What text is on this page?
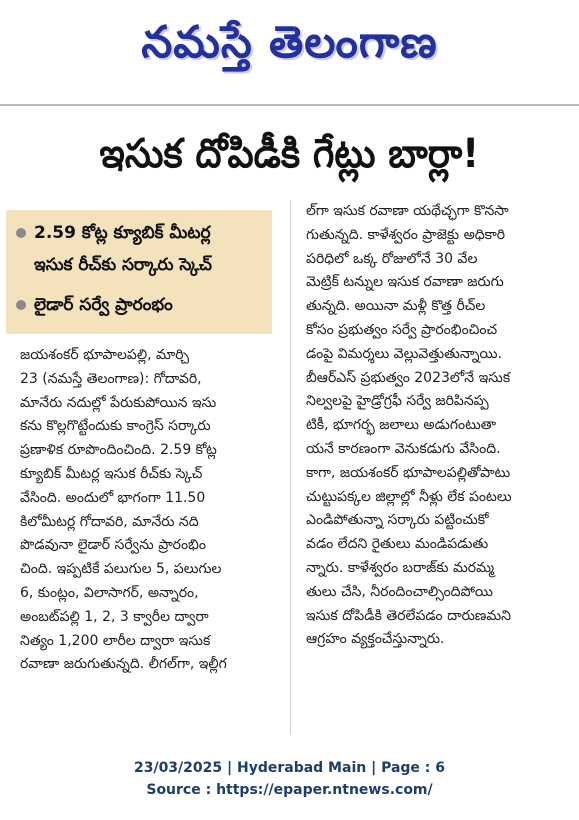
నమస్తే తెలంగాణ
ఇసుక దోపిడీకి గేట్లు బార్లా!
2.59 కోట్ల క్యూబిక్ మీటర్ల
ఇసుక రీచ్‌కు సర్కారు స్కెచ్
లైడార్ సర్వే ప్రారంభం
జయశంకర్ భూపాలపల్లి, మార్చి
23 (నమస్తే తెలంగాణ): గోదావరి,
మానేరు నదుల్లో పేరుకుపోయిన ఇసు
కను కొల్లగొట్టేందుకు కాంగ్రెస్ సర్కారు
ప్రణాళిక రూపొందించింది. 2.59 కోట్ల
క్యూబిక్ మీటర్ల ఇసుక రీచ్‌కు స్కెచ్
వేసింది. అందులో భాగంగా 11.50
కిలోమీటర్ల గోదావరి, మానేరు నది
పొడవునా లైడార్ సర్వేను ప్రారంభిం
చింది. ఇప్పటికే పలుగుల 5, పలుగుల
6, కుంట్లం, విలాసాగర్, అన్నారం,
అంబట్‌పల్లి 1, 2, 3 క్వారీల ద్వారా
నిత్యం 1,200 లారీల ద్వారా ఇసుక
రవాణా జరుగుతున్నది. లీగల్‌గా, ఇల్లీగ
ల్‌గా ఇసుక రవాణా యథేచ్ఛగా కొనసా
గుతున్నది. కాళేశ్వరం ప్రాజెక్టు అధికారి
పరిధిలో ఒక్క రోజులోనే 30 వేల
మెట్రిక్ టన్నుల ఇసుక రవాణా జరుగు
తున్నది. అయినా మళ్లీ కొత్త రీచ్‌ల
కోసం ప్రభుత్వం సర్వే ప్రారంభించించ
డంపై విమర్శలు వెల్లువెత్తుతున్నాయి.
బీఆర్‌ఎస్ ప్రభుత్వం 2023లోనే ఇసుక
నిల్వలపై హైడ్రోగ్రఫీ సర్వే జరిపినప్ప
టికీ, భూగర్భ జలాలు అడుగంటుతా
యనే కారణంగా వెనుకడుగు వేసింది.
కాగా, జయశంకర్ భూపాలపల్లితోపాటు
చుట్టుపక్కల జిల్లాల్లో నీళ్లు లేక పంటలు
ఎండిపోతున్నా సర్కారు పట్టించుకో
వడం లేదని రైతులు మండిపడుతు
న్నారు. కాళేశ్వరం బరాజ్‌కు మరమ్మ
తులు చేసి, నీరందించాల్సిందిపోయి
ఇసుక దోపిడీకి తెరలేపడం దారుణమని
ఆగ్రహం వ్యక్తంచేస్తున్నారు.
23/03/2025 | Hyderabad Main | Page : 6
Source : https://epaper.ntnews.com/
